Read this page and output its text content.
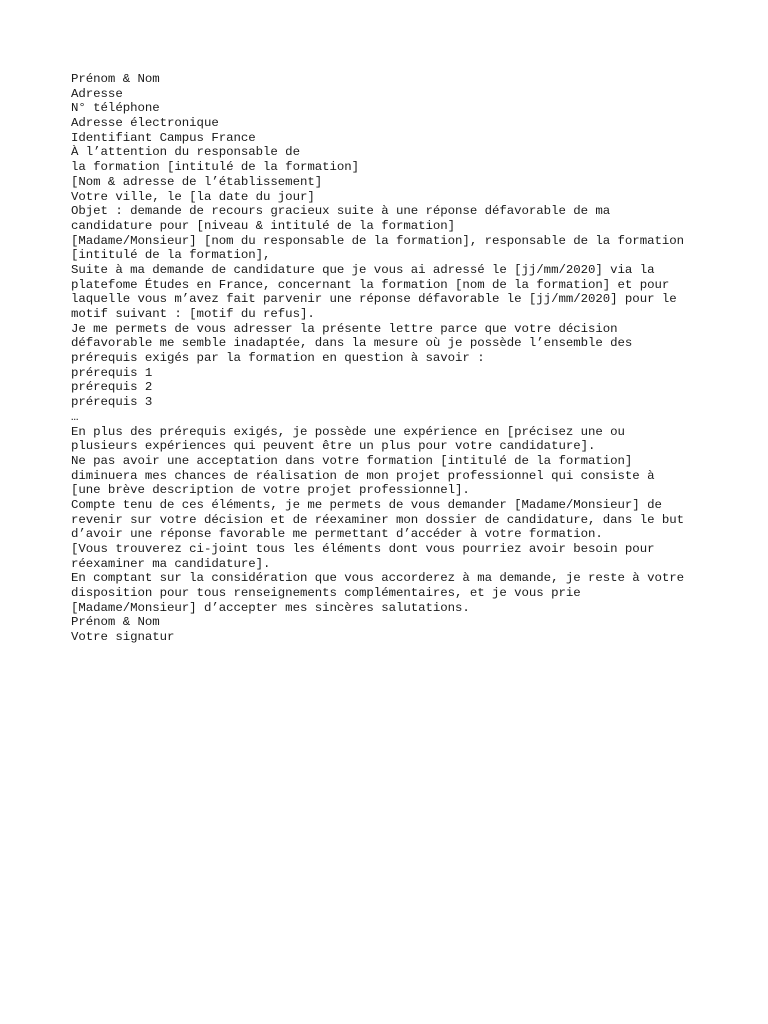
Prénom & Nom
Adresse
N° téléphone
Adresse électronique
Identifiant Campus France
À l’attention du responsable de
la formation [intitulé de la formation]
[Nom & adresse de l’établissement]
Votre ville, le [la date du jour]
Objet : demande de recours gracieux suite à une réponse défavorable de ma
candidature pour [niveau & intitulé de la formation]
[Madame/Monsieur] [nom du responsable de la formation], responsable de la formation
[intitulé de la formation],
Suite à ma demande de candidature que je vous ai adressé le [jj/mm/2020] via la
platefome Études en France, concernant la formation [nom de la formation] et pour
laquelle vous m’avez fait parvenir une réponse défavorable le [jj/mm/2020] pour le
motif suivant : [motif du refus].
Je me permets de vous adresser la présente lettre parce que votre décision
défavorable me semble inadaptée, dans la mesure où je possède l’ensemble des
prérequis exigés par la formation en question à savoir :
prérequis 1
prérequis 2
prérequis 3
…
En plus des prérequis exigés, je possède une expérience en [précisez une ou
plusieurs expériences qui peuvent être un plus pour votre candidature].
Ne pas avoir une acceptation dans votre formation [intitulé de la formation]
diminuera mes chances de réalisation de mon projet professionnel qui consiste à
[une brève description de votre projet professionnel].
Compte tenu de ces éléments, je me permets de vous demander [Madame/Monsieur] de
revenir sur votre décision et de réexaminer mon dossier de candidature, dans le but
d’avoir une réponse favorable me permettant d’accéder à votre formation.
[Vous trouverez ci-joint tous les éléments dont vous pourriez avoir besoin pour
réexaminer ma candidature].
En comptant sur la considération que vous accorderez à ma demande, je reste à votre
disposition pour tous renseignements complémentaires, et je vous prie
[Madame/Monsieur] d’accepter mes sincères salutations.
Prénom & Nom
Votre signatur
